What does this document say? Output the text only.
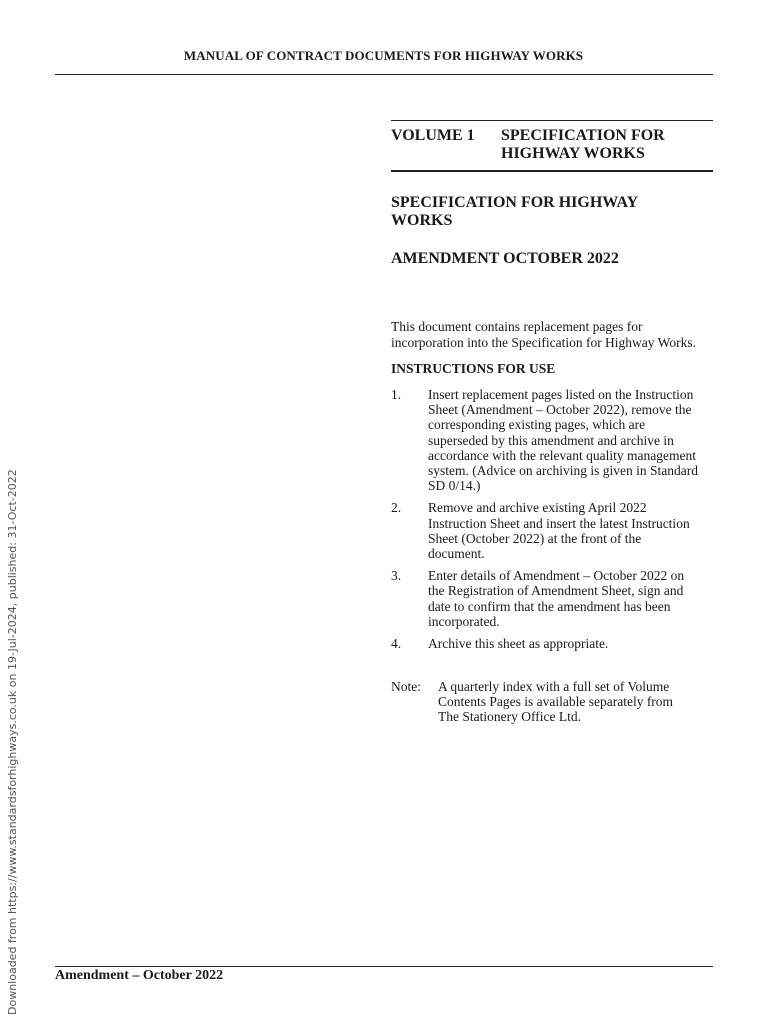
MANUAL OF CONTRACT DOCUMENTS FOR HIGHWAY WORKS
VOLUME 1	SPECIFICATION FOR
HIGHWAY WORKS
SPECIFICATION FOR HIGHWAY
WORKS
AMENDMENT OCTOBER 2022
This document contains replacement pages for
incorporation into the Specification for Highway Works.
INSTRUCTIONS FOR USE
1.	Insert replacement pages listed on the Instruction
Sheet (Amendment – October 2022), remove the
corresponding existing pages, which are
superseded by this amendment and archive in
accordance with the relevant quality management
system. (Advice on archiving is given in Standard
SD 0/14.)
2.	Remove and archive existing April 2022
Instruction Sheet and insert the latest Instruction
Sheet (October 2022) at the front of the
document.
3.	Enter details of Amendment – October 2022 on
the Registration of Amendment Sheet, sign and
date to confirm that the amendment has been
incorporated.
4.	Archive this sheet as appropriate.
Note:	A quarterly index with a full set of Volume
Contents Pages is available separately from
The Stationery Office Ltd.
Amendment – October 2022
Downloaded from https://www.standardsforhighways.co.uk on 19-Jul-2024, published: 31-Oct-2022
